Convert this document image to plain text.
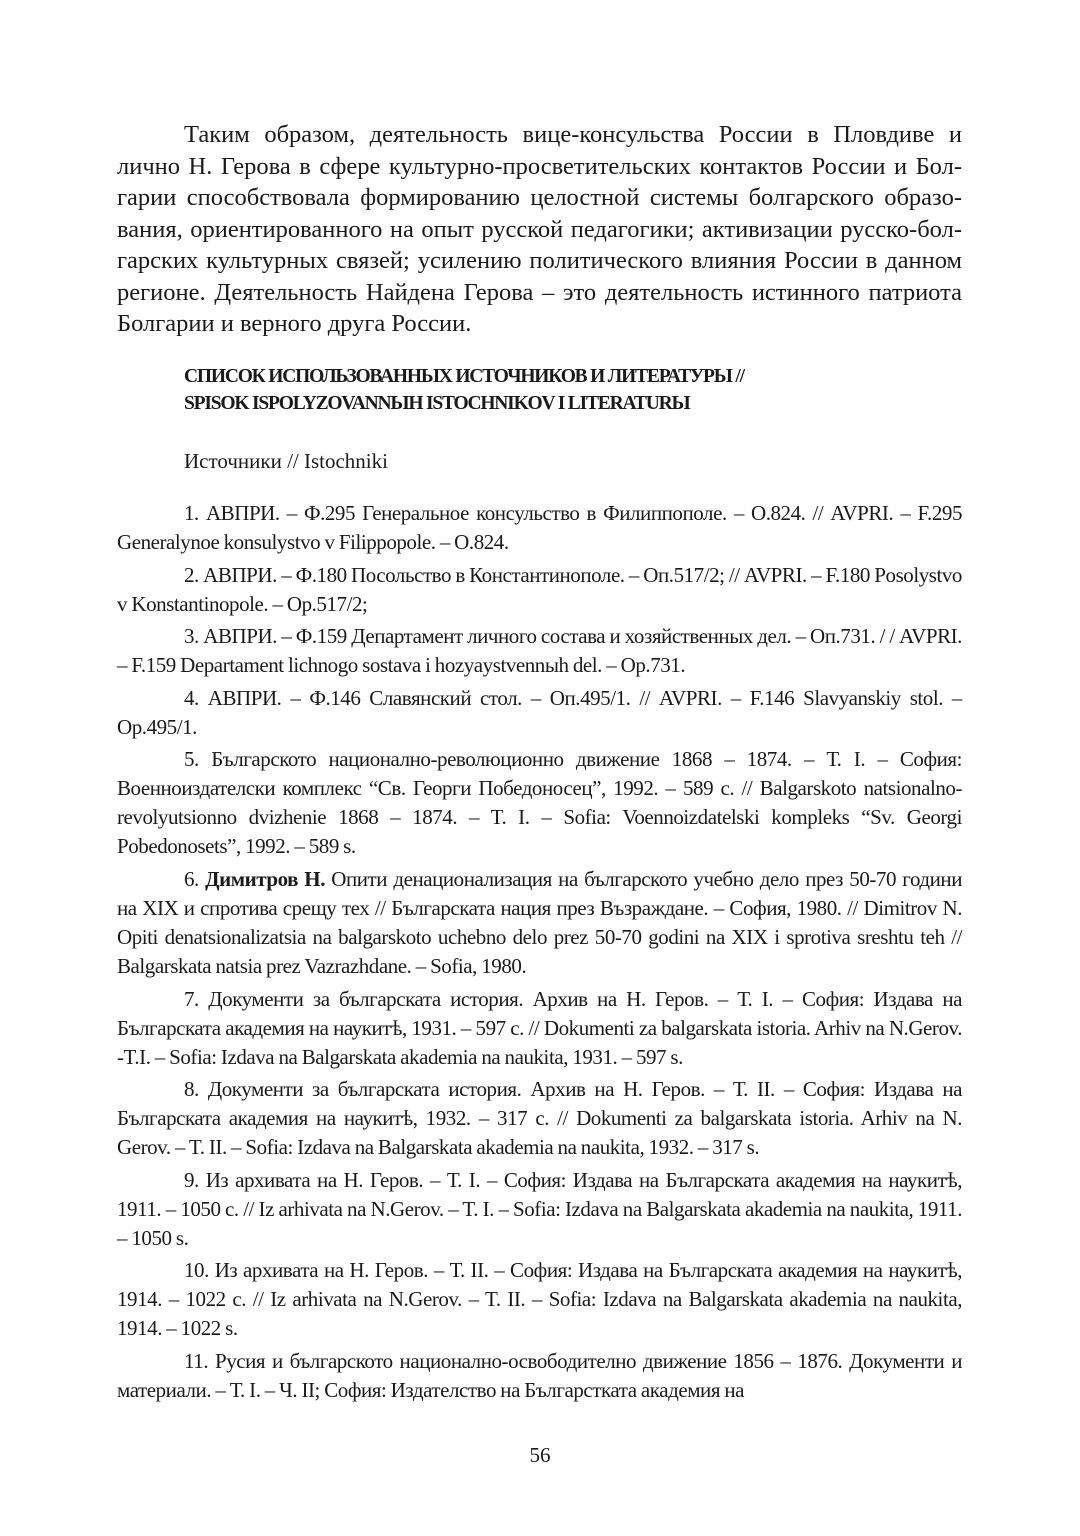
Таким образом, деятельность вице-консульства России в Пловдиве и лично Н. Герова в сфере культурно-просветительских контактов России и Болгарии способствовала формированию целостной системы болгарского образования, ориентированного на опыт русской педагогики; активизации русско-болгарских культурных связей; усилению политического влияния России в данном регионе. Деятельность Найдена Герова – это деятельность истинного патриота Болгарии и верного друга России.

СПИСОК ИСПОЛЬЗОВАННЫХ ИСТОЧНИКОВ И ЛИТЕРАТУРЫ //
SPISOK ISPOLYZOVANNЫH ISTOCHNIKOV I LITERATURЫ

Источники // Istochniki

1. АВПРИ. – Ф.295 Генеральное консульство в Филиппополе. – О.824. // AVPRI. – F.295 Generalynoe konsulystvo v Filippopole. – O.824.
2. АВПРИ. – Ф.180 Посольство в Константинополе. – Оп.517/2; // AVPRI. – F.180 Posolystvo v Konstantinopole. – Op.517/2;
3. АВПРИ. – Ф.159 Департамент личного состава и хозяйственных дел. – Оп.731. / / AVPRI. – F.159 Departament lichnogo sostava i hozyaystvennыh del. – Op.731.
4. АВПРИ. – Ф.146 Славянский стол. – Оп.495/1. // AVPRI. – F.146 Slavyanskiy stol. – Op.495/1.
5. Българското национално-революционно движение 1868 – 1874. – Т. I. – София: Военноиздателски комплекс “Св. Георги Победоносец”, 1992. – 589 с. // Balgarskoto natsionalno-revolyutsionno dvizhenie 1868 – 1874. – T. I. – Sofia: Voennoizdatelski kompleks “Sv. Georgi Pobedonosets”, 1992. – 589 s.
6. Димитров Н. Опити денационализация на българското учебно дело през 50-70 години на XIX и спротива срещу тех // Българската нация през Възраждане. – София, 1980. // Dimitrov N. Opiti denatsionalizatsia na balgarskoto uchebno delo prez 50-70 godini na XIX i sprotiva sreshtu teh // Balgarskata natsia prez Vazrazhdane. – Sofia, 1980.
7. Документи за българската история. Архив на Н. Геров. – Т. I. – София: Издава на Българската академия на наукитѣ, 1931. – 597 с. // Dokumenti za balgarskata istoria. Arhiv na N.Gerov. -T.I. – Sofia: Izdava na Balgarskata akademia na naukita, 1931. – 597 s.
8. Документи за българската история. Архив на Н. Геров. – Т. II. – София: Издава на Българската академия на наукитѣ, 1932. – 317 с. // Dokumenti za balgarskata istoria. Arhiv na N. Gerov. – T. II. – Sofia: Izdava na Balgarskata akademia na naukita, 1932. – 317 s.
9. Из архивата на Н. Геров. – Т. I. – София: Издава на Българската академия на наукитѣ, 1911. – 1050 с. // Iz arhivata na N.Gerov. – T. I. – Sofia: Izdava na Balgarskata akademia na naukita, 1911. – 1050 s.
10. Из архивата на Н. Геров. – Т. II. – София: Издава на Българската академия на наукитѣ, 1914. – 1022 с. // Iz arhivata na N.Gerov. – T. II. – Sofia: Izdava na Balgarskata akademia na naukita, 1914. – 1022 s.
11. Русия и българското национално-освободително движение 1856 – 1876. Документи и материали. – Т. I. – Ч. II; София: Издателство на Българстката академия на

56
